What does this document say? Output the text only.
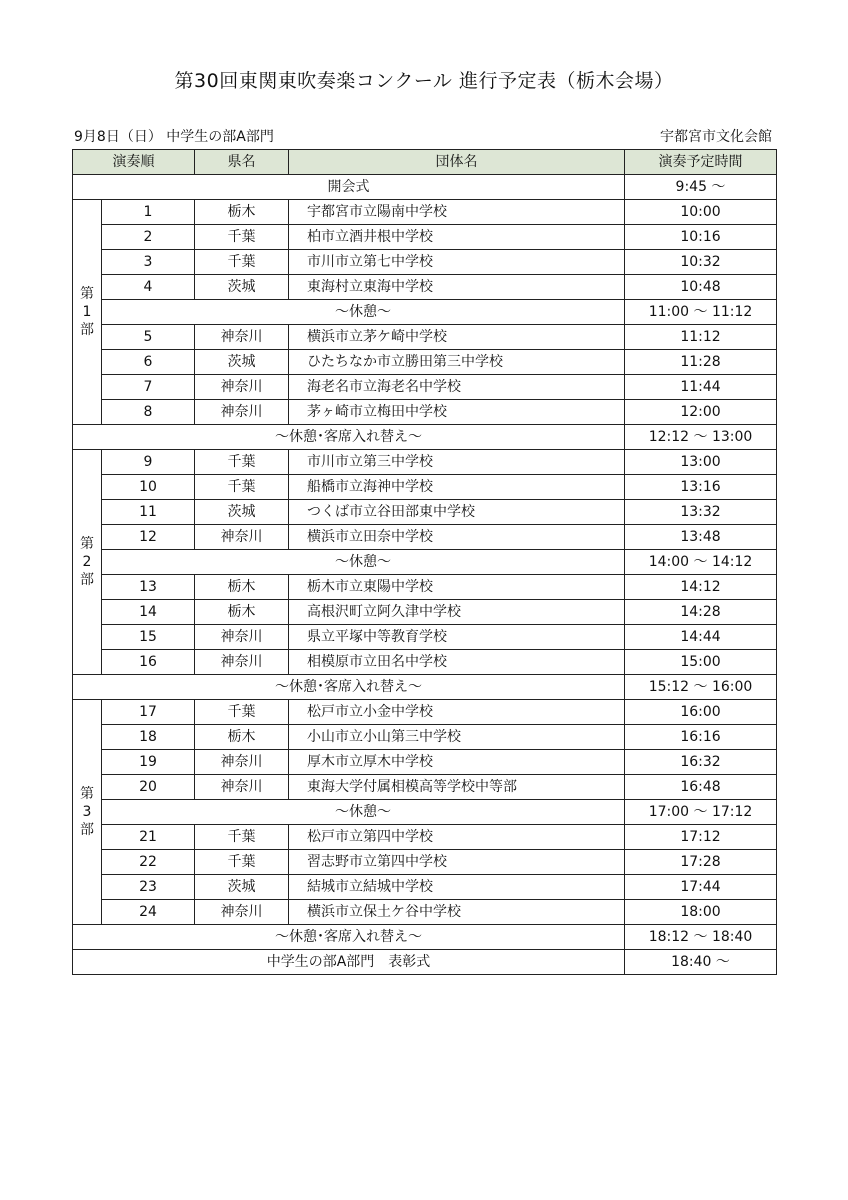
第30回東関東吹奏楽コンクール 進行予定表（栃木会場）
9月8日（日） 中学生の部A部門	宇都宮市文化会館
演奏順		県名	団体名	演奏予定時間
開会式				9:45 ～

第
1
部	1	栃木	宇都宮市立陽南中学校	10:00
	2	千葉	柏市立酒井根中学校	10:16
	3	千葉	市川市立第七中学校	10:32
	4	茨城	東海村立東海中学校	10:48
	～休憩～			11:00 ～ 11:12
	5	神奈川	横浜市立茅ケ崎中学校	11:12
	6	茨城	ひたちなか市立勝田第三中学校	11:28
	7	神奈川	海老名市立海老名中学校	11:44
	8	神奈川	茅ヶ崎市立梅田中学校	12:00
～休憩･客席入れ替え～				12:12 ～ 13:00

第
2
部	9	千葉	市川市立第三中学校	13:00
	10	千葉	船橋市立海神中学校	13:16
	11	茨城	つくば市立谷田部東中学校	13:32
	12	神奈川	横浜市立田奈中学校	13:48
	～休憩～			14:00 ～ 14:12
	13	栃木	栃木市立東陽中学校	14:12
	14	栃木	高根沢町立阿久津中学校	14:28
	15	神奈川	県立平塚中等教育学校	14:44
	16	神奈川	相模原市立田名中学校	15:00
～休憩･客席入れ替え～				15:12 ～ 16:00

第
3
部	17	千葉	松戸市立小金中学校	16:00
	18	栃木	小山市立小山第三中学校	16:16
	19	神奈川	厚木市立厚木中学校	16:32
	20	神奈川	東海大学付属相模高等学校中等部	16:48
	～休憩～			17:00 ～ 17:12
	21	千葉	松戸市立第四中学校	17:12
	22	千葉	習志野市立第四中学校	17:28
	23	茨城	結城市立結城中学校	17:44
	24	神奈川	横浜市立保土ケ谷中学校	18:00
～休憩･客席入れ替え～				18:12 ～ 18:40
中学生の部A部門　表彰式				18:40 ～
